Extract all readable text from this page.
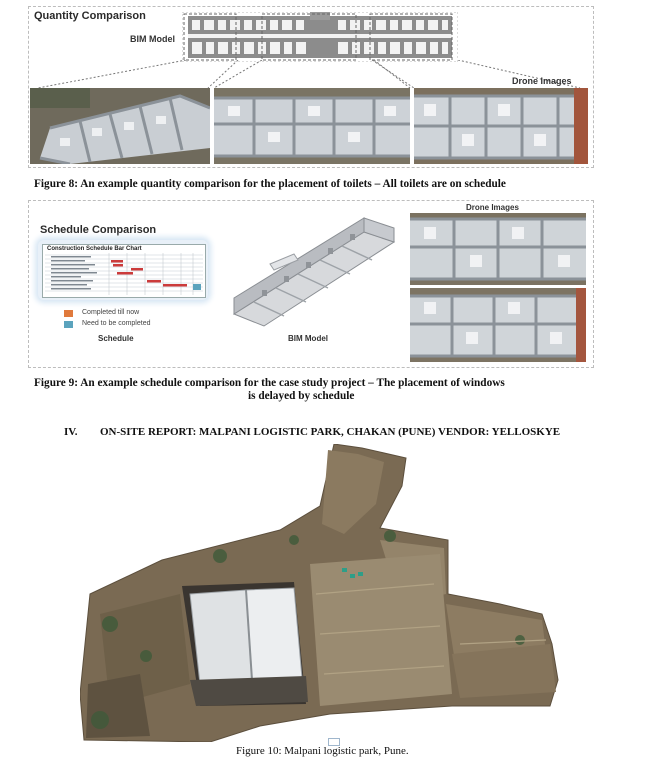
Quantity Comparison
BIM Model
Drone Images
Figure 8: An example quantity comparison for the placement of toilets – All toilets are on schedule
Schedule Comparison
Construction Schedule Bar Chart
Completed till now
Need to be completed
Schedule	BIM Model
Drone Images
Figure 9: An example schedule comparison for the case study project – The placement of windows
is delayed by schedule
IV. ON-SITE REPORT: MALPANI LOGISTIC PARK, CHAKAN (PUNE) VENDOR: YELLOSKYE
Figure 10: Malpani logistic park, Pune.
